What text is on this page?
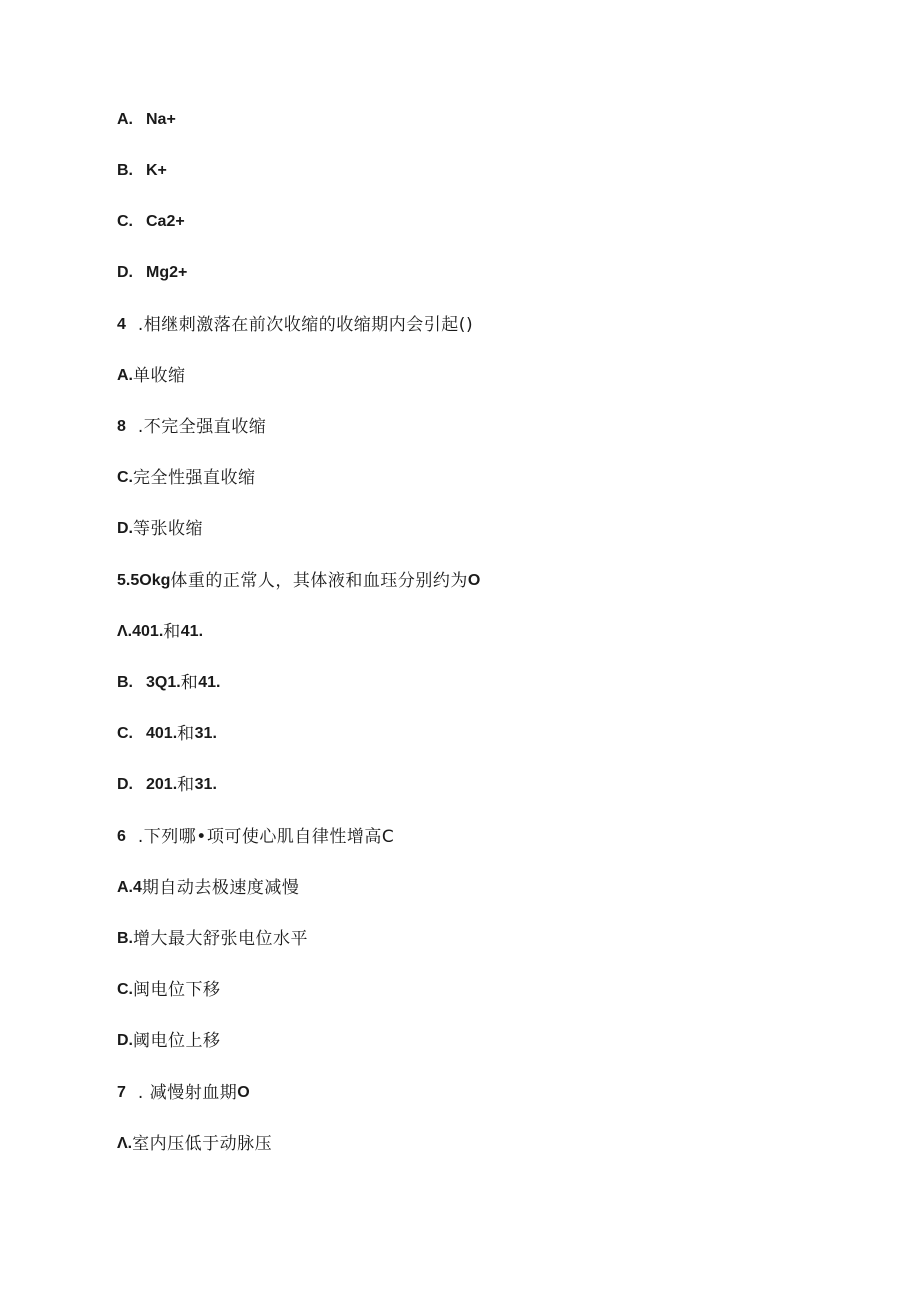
A. Na+
B. K+
C. Ca2+
D. Mg2+
4 .相继刺激落在前次收缩的收缩期内会引起()
A. 单收缩
8 .不完全强直收缩
C. 完全性强直收缩
D. 等张收缩
5.5Okg 体重的正常人，其体液和血珏分别约为 O
Λ.401. 和 41.
B. 3Q1. 和 41.
C. 401. 和 31.
D. 201. 和 31.
6 .下列哪•项可使心肌自律性增高C
A.4 期自动去极速度减慢
B. 增大最大舒张电位水平
C. 闽电位下移
D. 阈电位上移
7 . 减慢射血期 O
Λ. 室内压低于动脉压
